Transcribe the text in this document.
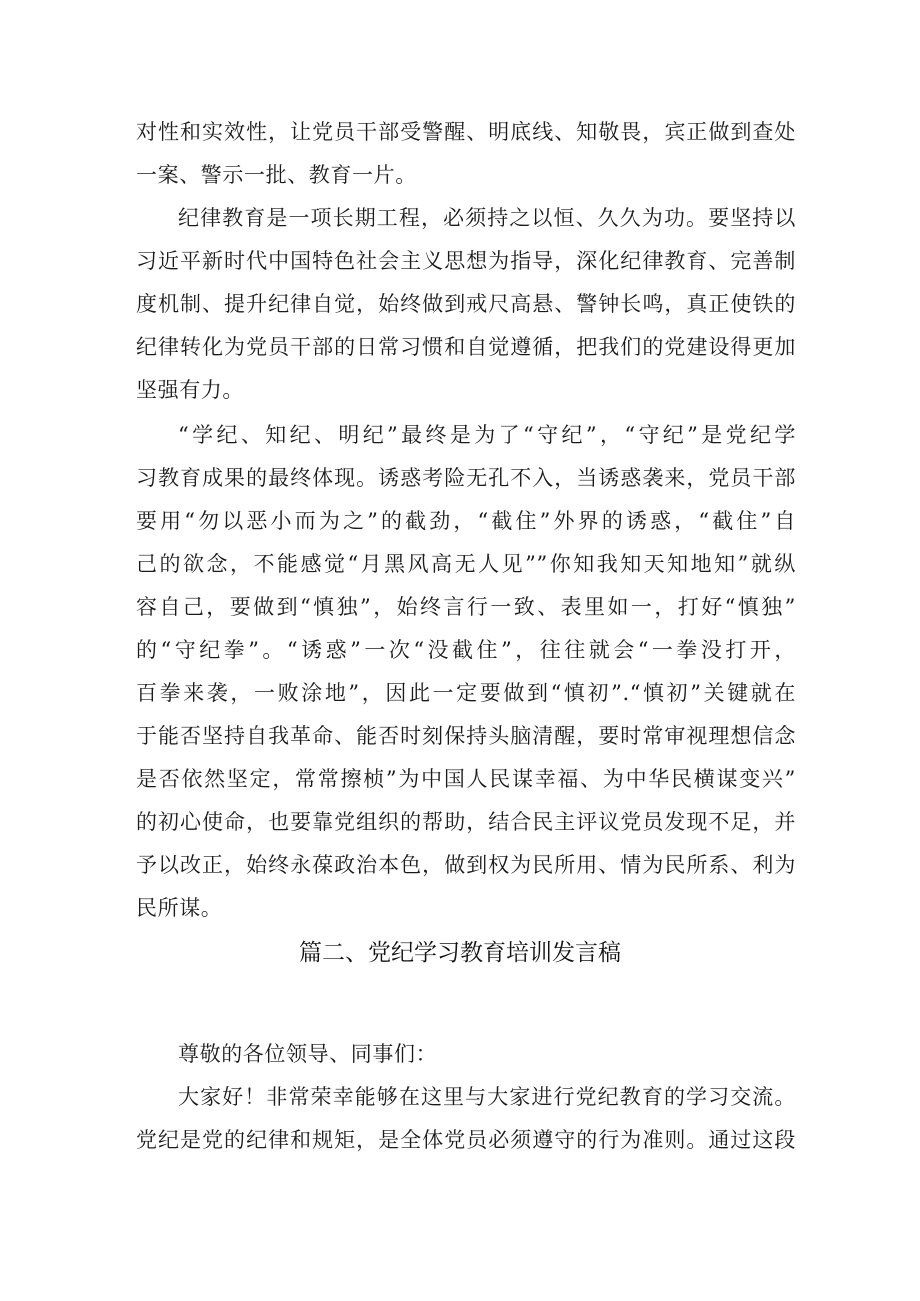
对性和实效性，让党员干部受警醒、明底线、知敬畏，宾正做到查处
一案、警示一批、教育一片。
纪律教育是一项长期工程，必须持之以恒、久久为功。要坚持以
习近平新时代中国特色社会主义思想为指导，深化纪律教育、完善制
度机制、提升纪律自觉，始终做到戒尺高悬、警钟长鸣，真正使铁的
纪律转化为党员干部的日常习惯和自觉遵循，把我们的党建设得更加
坚强有力。
“学纪、知纪、明纪”最终是为了“守纪”，“守纪”是党纪学
习教育成果的最终体现。诱惑考险无孔不入，当诱惑袭来，党员干部
要用“勿以恶小而为之”的截劲，“截住”外界的诱惑，“截住”自
己的欲念，不能感觉“月黑风高无人见””你知我知天知地知”就纵
容自己，要做到“慎独”，始终言行一致、表里如一，打好“慎独”
的“守纪拳”。“诱惑”一次“没截住”，往往就会“一拳没打开，
百拳来袭，一败涂地”，因此一定要做到“慎初”.“慎初”关键就在
于能否坚持自我革命、能否时刻保持头脑清醒，要时常审视理想信念
是否依然坚定，常常擦桢”为中国人民谋幸福、为中华民横谋变兴”
的初心使命，也要靠党组织的帮助，结合民主评议党员发现不足，并
予以改正，始终永葆政治本色，做到权为民所用、情为民所系、利为
民所谋。
篇二、党纪学习教育培训发言稿
尊敬的各位领导、同事们：
大家好！非常荣幸能够在这里与大家进行党纪教育的学习交流。
党纪是党的纪律和规矩，是全体党员必须遵守的行为准则。通过这段
